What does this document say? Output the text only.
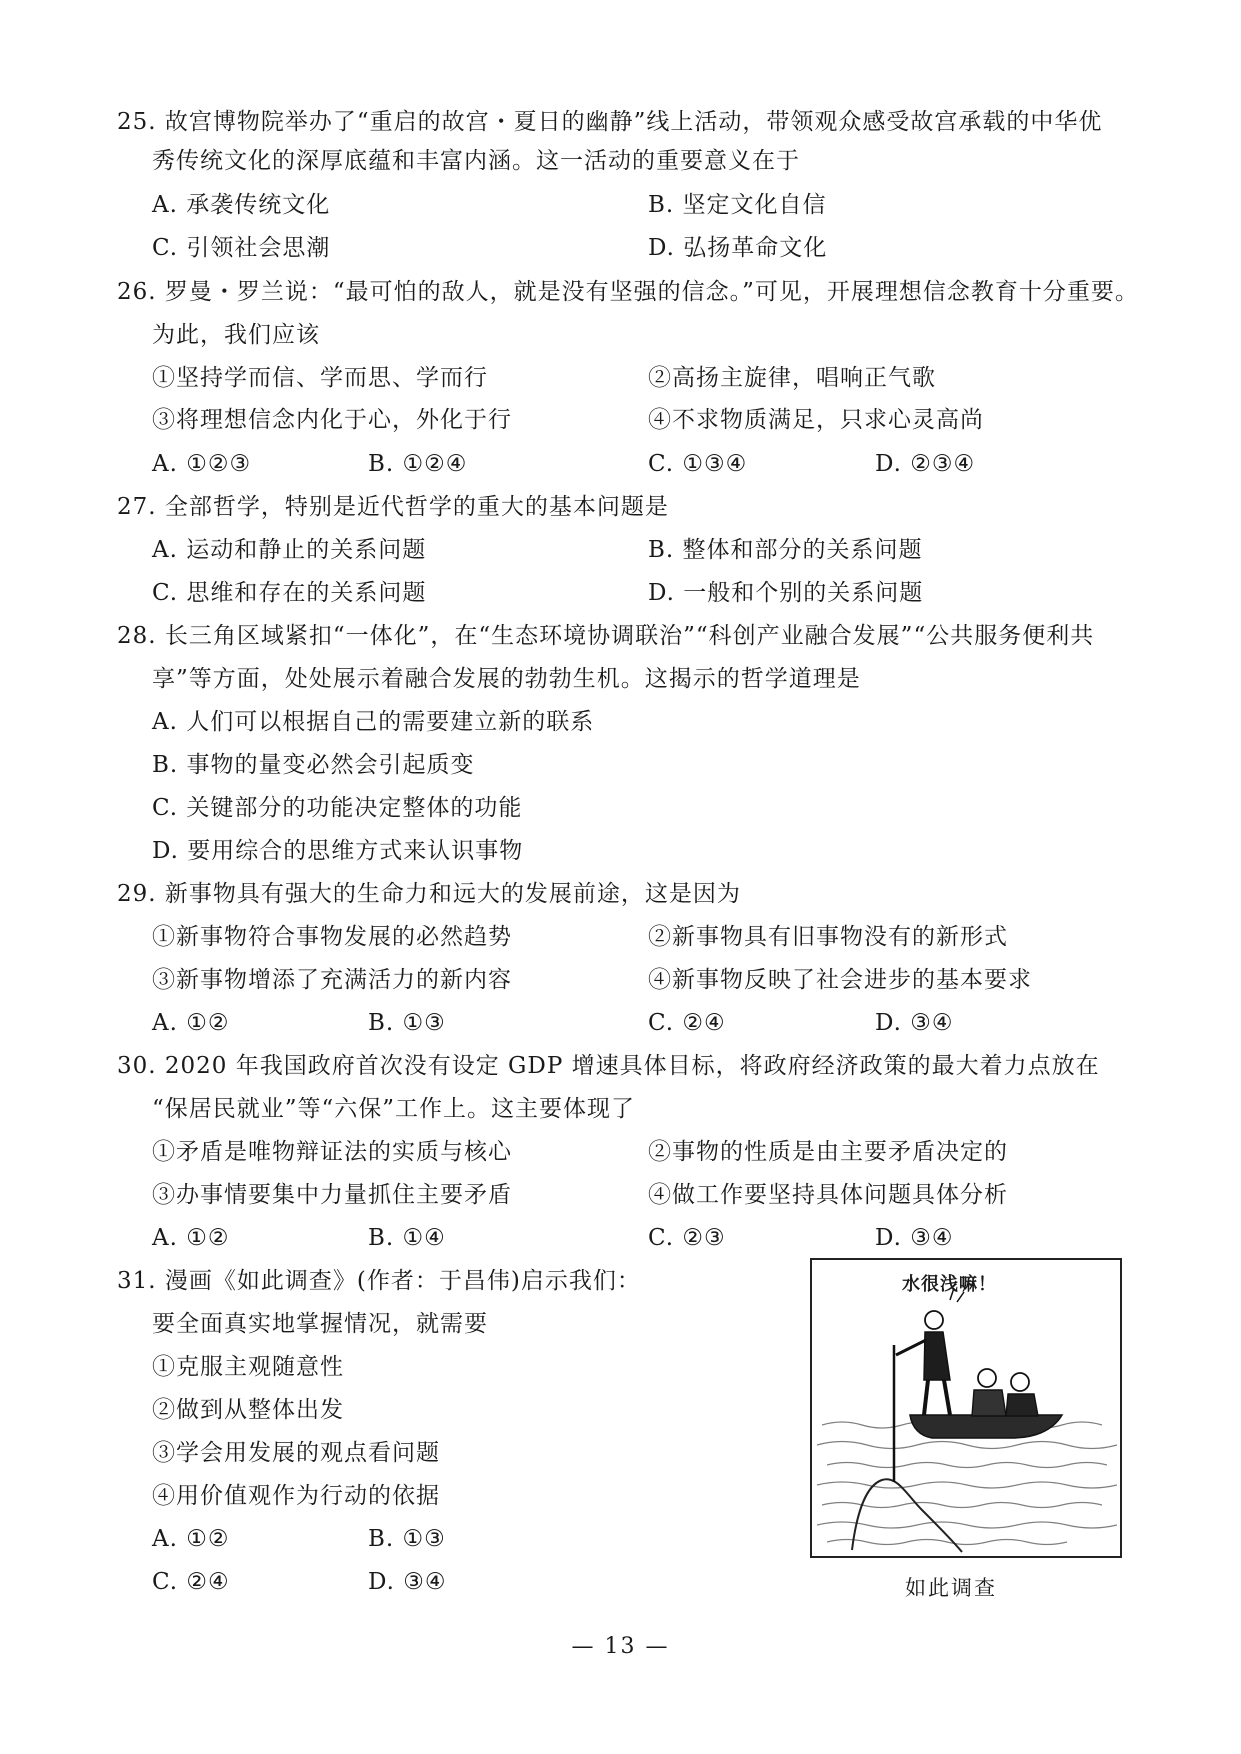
25. 故宫博物院举办了“重启的故宫・夏日的幽静”线上活动，带领观众感受故宫承载的中华优
秀传统文化的深厚底蕴和丰富内涵。这一活动的重要意义在于
A. 承袭传统文化	B. 坚定文化自信
C. 引领社会思潮	D. 弘扬革命文化
26. 罗曼・罗兰说：“最可怕的敌人，就是没有坚强的信念。”可见，开展理想信念教育十分重要。
为此，我们应该
①坚持学而信、学而思、学而行	②高扬主旋律，唱响正气歌
③将理想信念内化于心，外化于行	④不求物质满足，只求心灵高尚
A. ①②③	B. ①②④	C. ①③④	D. ②③④
27. 全部哲学，特别是近代哲学的重大的基本问题是
A. 运动和静止的关系问题	B. 整体和部分的关系问题
C. 思维和存在的关系问题	D. 一般和个别的关系问题
28. 长三角区域紧扣“一体化”，在“生态环境协调联治”“科创产业融合发展”“公共服务便利共
享”等方面，处处展示着融合发展的勃勃生机。这揭示的哲学道理是
A. 人们可以根据自己的需要建立新的联系
B. 事物的量变必然会引起质变
C. 关键部分的功能决定整体的功能
D. 要用综合的思维方式来认识事物
29. 新事物具有强大的生命力和远大的发展前途，这是因为
①新事物符合事物发展的必然趋势	②新事物具有旧事物没有的新形式
③新事物增添了充满活力的新内容	④新事物反映了社会进步的基本要求
A. ①②	B. ①③	C. ②④	D. ③④
30. 2020 年我国政府首次没有设定 GDP 增速具体目标，将政府经济政策的最大着力点放在
“保居民就业”等“六保”工作上。这主要体现了
①矛盾是唯物辩证法的实质与核心	②事物的性质是由主要矛盾决定的
③办事情要集中力量抓住主要矛盾	④做工作要坚持具体问题具体分析
A. ①②	B. ①④	C. ②③	D. ③④
31. 漫画《如此调查》(作者：于昌伟)启示我们：
要全面真实地掌握情况，就需要
①克服主观随意性
②做到从整体出发
③学会用发展的观点看问题
④用价值观作为行动的依据
A. ①②	B. ①③
C. ②④	D. ③④
水很浅嘛！
如此调查
— 13 —
